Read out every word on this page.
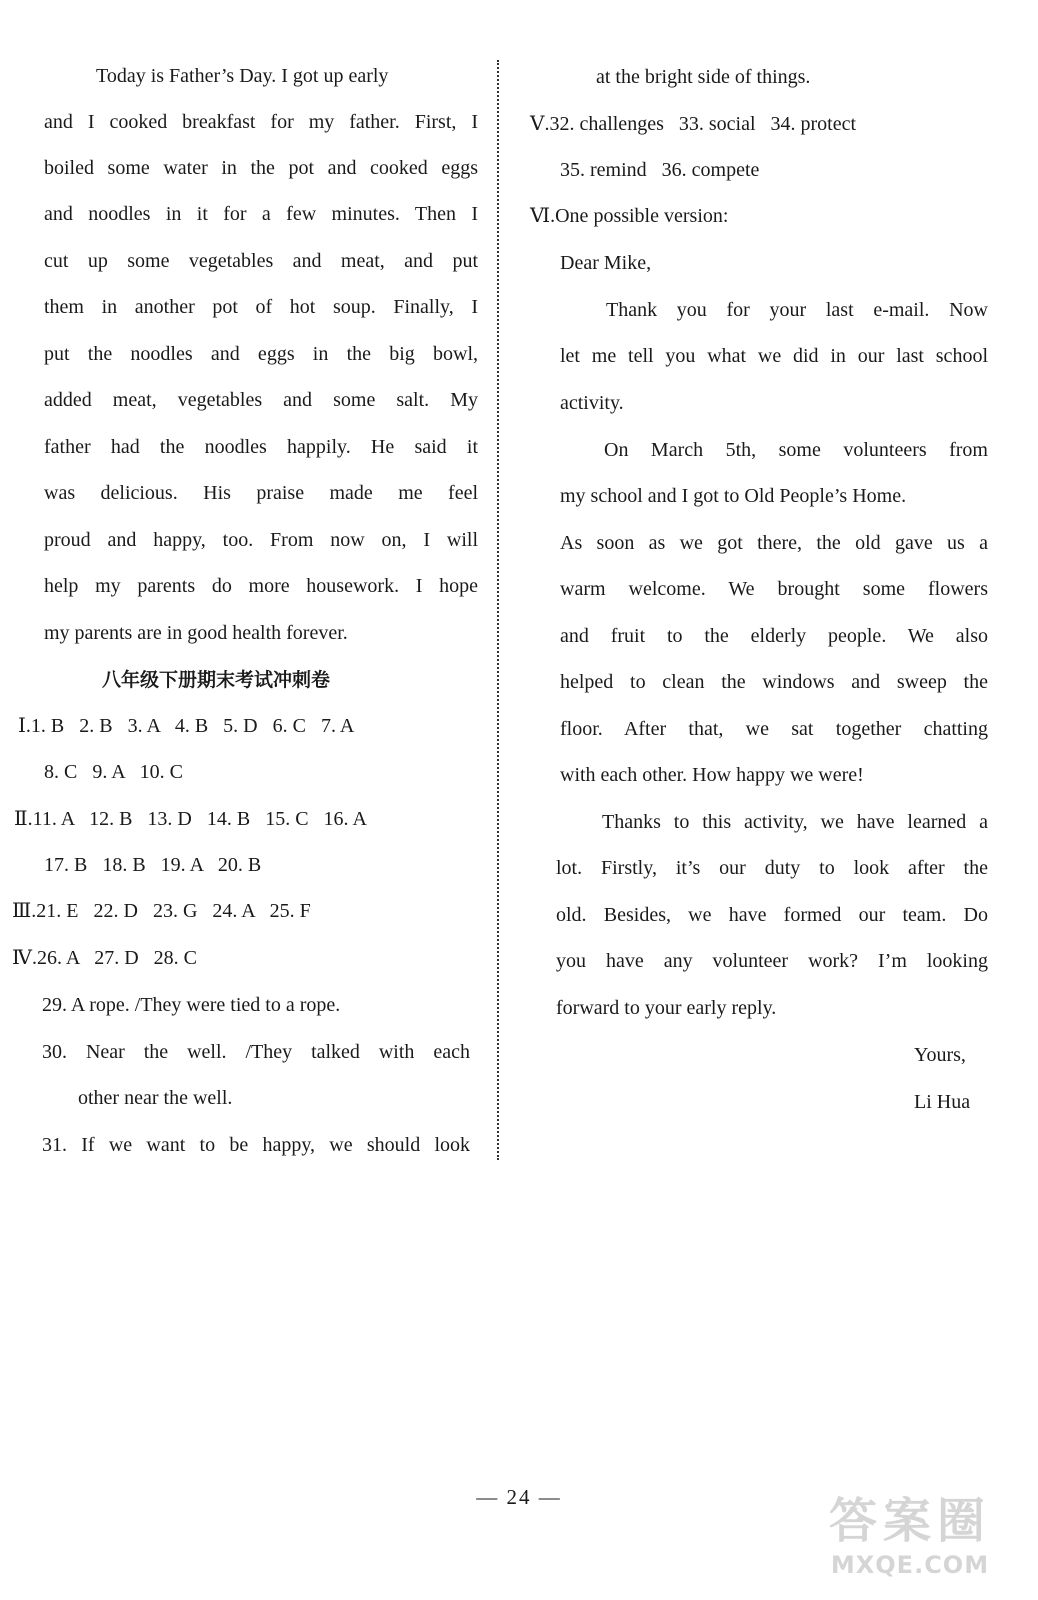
Today is Father’s Day. I got up early
and I cooked breakfast for my father. First, I
boiled some water in the pot and cooked eggs
and noodles in it for a few minutes. Then I
cut up some vegetables and meat, and put
them in another pot of hot soup. Finally, I
put the noodles and eggs in the big bowl,
added meat, vegetables and some salt. My
father had the noodles happily. He said it
was delicious. His praise made me feel
proud and happy, too. From now on, I will
help my parents do more housework. I hope
my parents are in good health forever.
八年级下册期末考试冲刺卷
Ⅰ.1. B   2. B   3. A   4. B   5. D   6. C   7. A
8. C   9. A   10. C
Ⅱ.11. A   12. B   13. D   14. B   15. C   16. A
17. B   18. B   19. A   20. B
Ⅲ.21. E   22. D   23. G   24. A   25. F
Ⅳ.26. A   27. D   28. C
29. A rope. /They were tied to a rope.
30. Near the well. /They talked with each
other near the well.
31. If we want to be happy, we should look
at the bright side of things.
Ⅴ.32. challenges   33. social   34. protect
35. remind   36. compete
Ⅵ.One possible version:
Dear Mike,
Thank you for your last e-mail. Now
let me tell you what we did in our last school
activity.
On March 5th, some volunteers from
my school and I got to Old People’s Home.
As soon as we got there, the old gave us a
warm welcome. We brought some flowers
and fruit to the elderly people. We also
helped to clean the windows and sweep the
floor. After that, we sat together chatting
with each other. How happy we were!
Thanks to this activity, we have learned a
lot. Firstly, it’s our duty to look after the
old. Besides, we have formed our team. Do
you have any volunteer work? I’m looking
forward to your early reply.
Yours,
Li Hua
— 24 —	答案圈
MXQE.COM
